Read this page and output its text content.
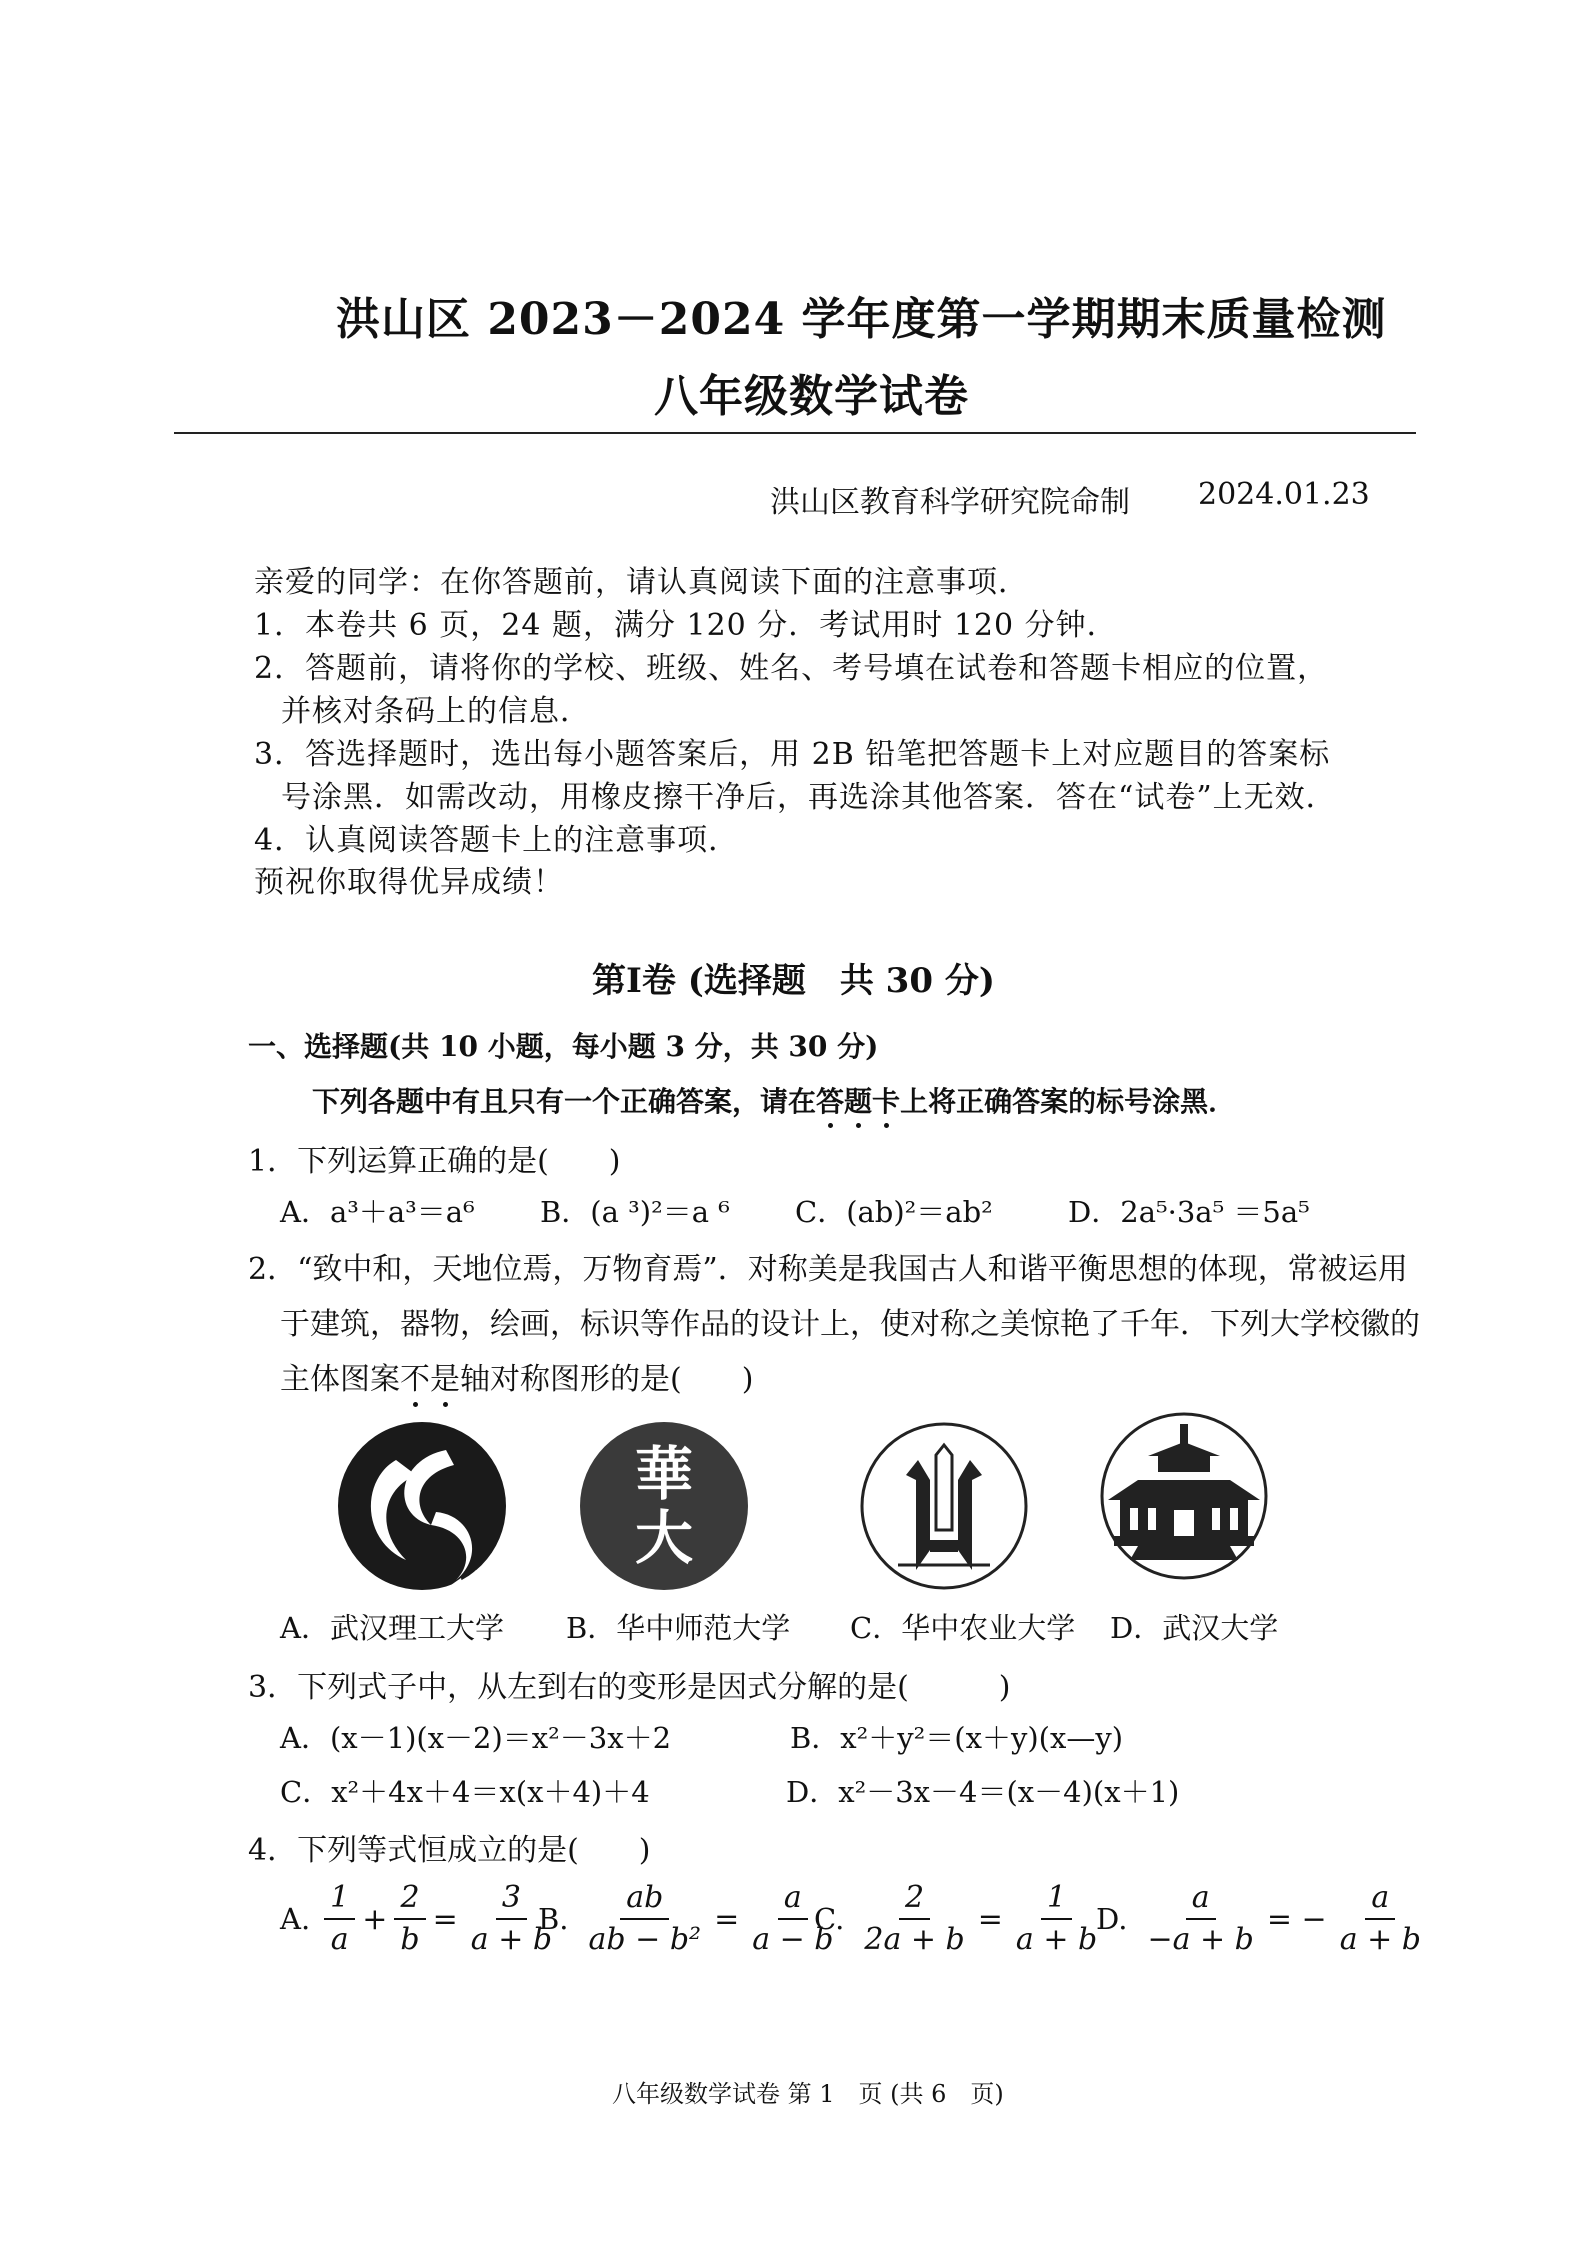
洪山区 2023－2024 学年度第一学期期末质量检测
八年级数学试卷
洪山区教育科学研究院命制 2024.01.23
亲爱的同学：在你答题前，请认真阅读下面的注意事项．
1．本卷共 6 页，24 题，满分 120 分．考试用时 120 分钟．
2．答题前，请将你的学校、班级、姓名、考号填在试卷和答题卡相应的位置，
并核对条码上的信息．
3．答选择题时，选出每小题答案后，用 2B 铅笔把答题卡上对应题目的答案标
号涂黑．如需改动，用橡皮擦干净后，再选涂其他答案．答在“试卷”上无效．
4．认真阅读答题卡上的注意事项．
预祝你取得优异成绩！
第I卷 (选择题　共 30 分)
一、选择题(共 10 小题，每小题 3 分，共 30 分)
下列各题中有且只有一个正确答案，请在答题卡上将正确答案的标号涂黑．
1．下列运算正确的是(　　)
A．a³＋a³＝a⁶ B．(a ³)²＝a ⁶ C．(ab)²＝ab²	D．2a⁵·3a⁵ ＝5a⁵
2．“致中和，天地位焉，万物育焉”．对称美是我国古人和谐平衡思想的体现，常被运用
于建筑，器物，绘画，标识等作品的设计上，使对称之美惊艳了千年．下列大学校徽的
主体图案不是轴对称图形的是(　　)
華
大
A．武汉理工大学 B．华中师范大学 C．华中农业大学 D．武汉大学
3．下列式子中，从左到右的变形是因式分解的是(　　　)
A．(x－1)(x－2)＝x²－3x＋2	B．x²＋y²＝(x＋y)(x—y)
C．x²＋4x＋4＝x(x＋4)＋4	D．x²－3x－4＝(x－4)(x＋1)
4．下列等式恒成立的是(　　)
A. $\frac{1}{a} + \frac{2}{b} = \frac{3}{a + b}$
B. $\frac{ab}{\text{ab − b²}} = \frac{a}{a - b}$
C. $\frac{2}{2a + b} = \frac{1}{a + b}$
D. $\frac{a}{-a + b}$ = − $\frac{a}{a + b}$
八年级数学试卷 第 1　页 (共 6　页)
